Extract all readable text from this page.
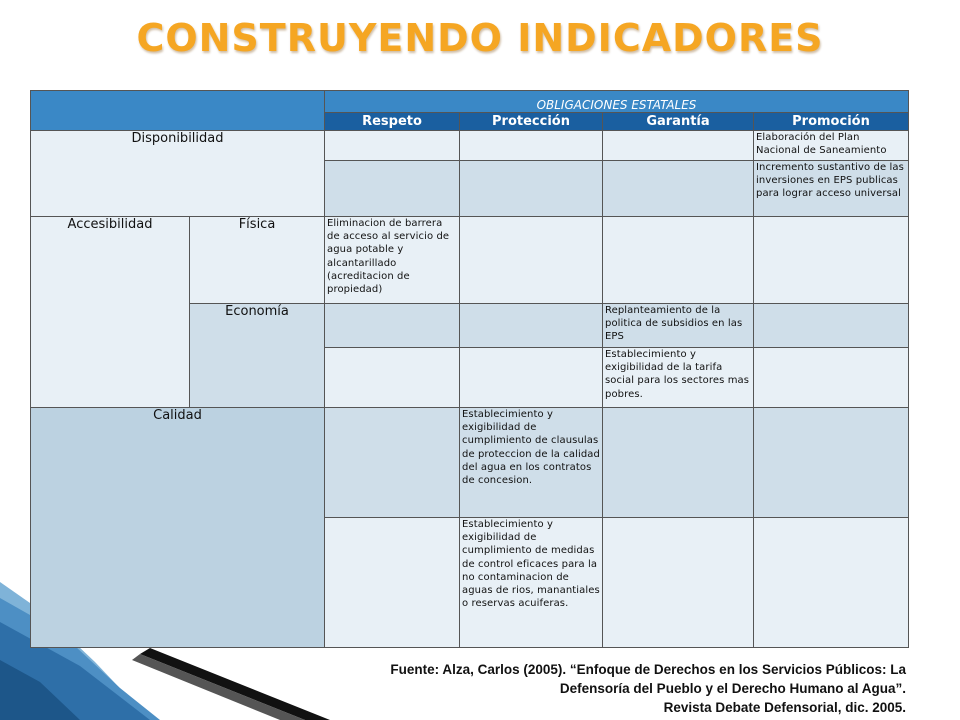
CONSTRUYENDO INDICADORES
		OBLIGACIONES ESTATALES			
		Respeto	Protección	Garantía	Promoción
Disponibilidad					Elaboración del Plan Nacional de Saneamiento
					Incremento sustantivo de las inversiones en EPS publicas para lograr acceso universal
Accesibilidad	Física	Eliminacion de barrera de acceso al servicio de agua potable y alcantarillado (acreditacion de propiedad)			
	Economía			Replanteamiento de la politica de subsidios en las EPS	
				Establecimiento y exigibilidad de la tarifa social para los sectores mas pobres.	
Calidad			Establecimiento y exigibilidad de cumplimiento de clausulas de proteccion de la calidad del agua en los contratos de concesion.		
			Establecimiento y exigibilidad de cumplimiento de medidas de control eficaces para la no contaminacion de aguas de rios, manantiales o reservas acuiferas.		
Fuente: Alza, Carlos (2005). “Enfoque de Derechos en los Servicios Públicos: La
Defensoría del Pueblo y el Derecho Humano al Agua”.
Revista Debate Defensorial, dic. 2005.
